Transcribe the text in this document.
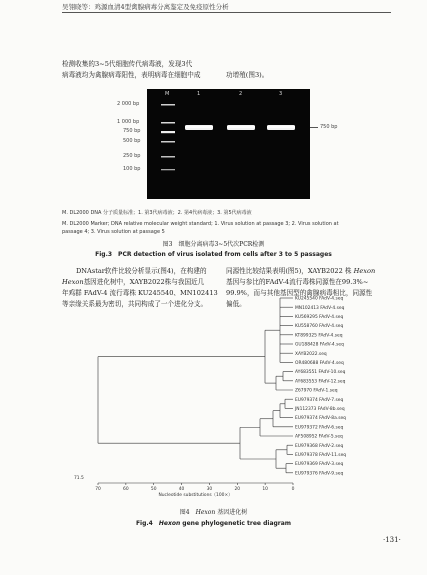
吴翎晓等：鸡源血清4型禽腺病毒分离鉴定及免疫原性分析
检测收集的3~5代细胞传代病毒液，发现3代
病毒液均为禽腺病毒阳性，表明病毒在细胞中成	功增殖(图3)。
M	1	2	3
2 000 bp
1 000 bp
750 bp
500 bp
250 bp
100 bp
750 bp
M. DL2000 DNA 分子质量标准；1. 第3代病毒液；2. 第4代病毒液；3. 第5代病毒液
M. DL2000 Marker; DNA relative molecular weight standard; 1. Virus solution at passage 3; 2. Virus solution at
passage 4; 3. Virus solution at passage 5
图3　细胞分离病毒3~5代次PCR检测
Fig.3　PCR detection of virus isolated from cells after 3 to 5 passages
DNAstar软件比较分析显示(图4)，在构建的
Hexon基因进化树中，XAYB2022株与我国近几
年鸡群 FAdV-4 流行毒株 KU245540、MN102413
等亲缘关系最为密切，共同构成了一个进化分支。
同源性比较结果表明(图5)，XAYB2022 株 Hexon
基因与参比的FAdV-4流行毒株同源性在99.3%~
99.9%，而与其他基因型的禽腺病毒相比，同源性
偏低。
KU245540 FAdV-4.seq
MN102413 FAdV-4.seq
KU569295 FAdV-4.seq
KU558760 FAdV-4.seq
KT899325 FAdV-4.seq
GU188428 FAdV-4.seq
XAYB2022.seq
OR480688 FAdV-4.seq
AY683551 FAdV-10.seq
AY683553 FAdV-12.seq
Z67970 FAdV-1.seq
EU979374 FAdV-7.seq
JN112373 FAdV-8b.seq
EU979374 FAdV-8a.seq
EU979372 FAdV-6.seq
AF508952 FAdV-5.seq
EU979368 FAdV-2.seq
EU979378 FAdV-11.seq
EU979369 FAdV-3.seq
EU979376 FAdV-9.seq
70	60	50	40	30	20	10	0
Nucleotide substitutions（100×）
71.5
图4　Hexon 基因进化树
Fig.4　Hexon gene phylogenetic tree diagram
·131·
